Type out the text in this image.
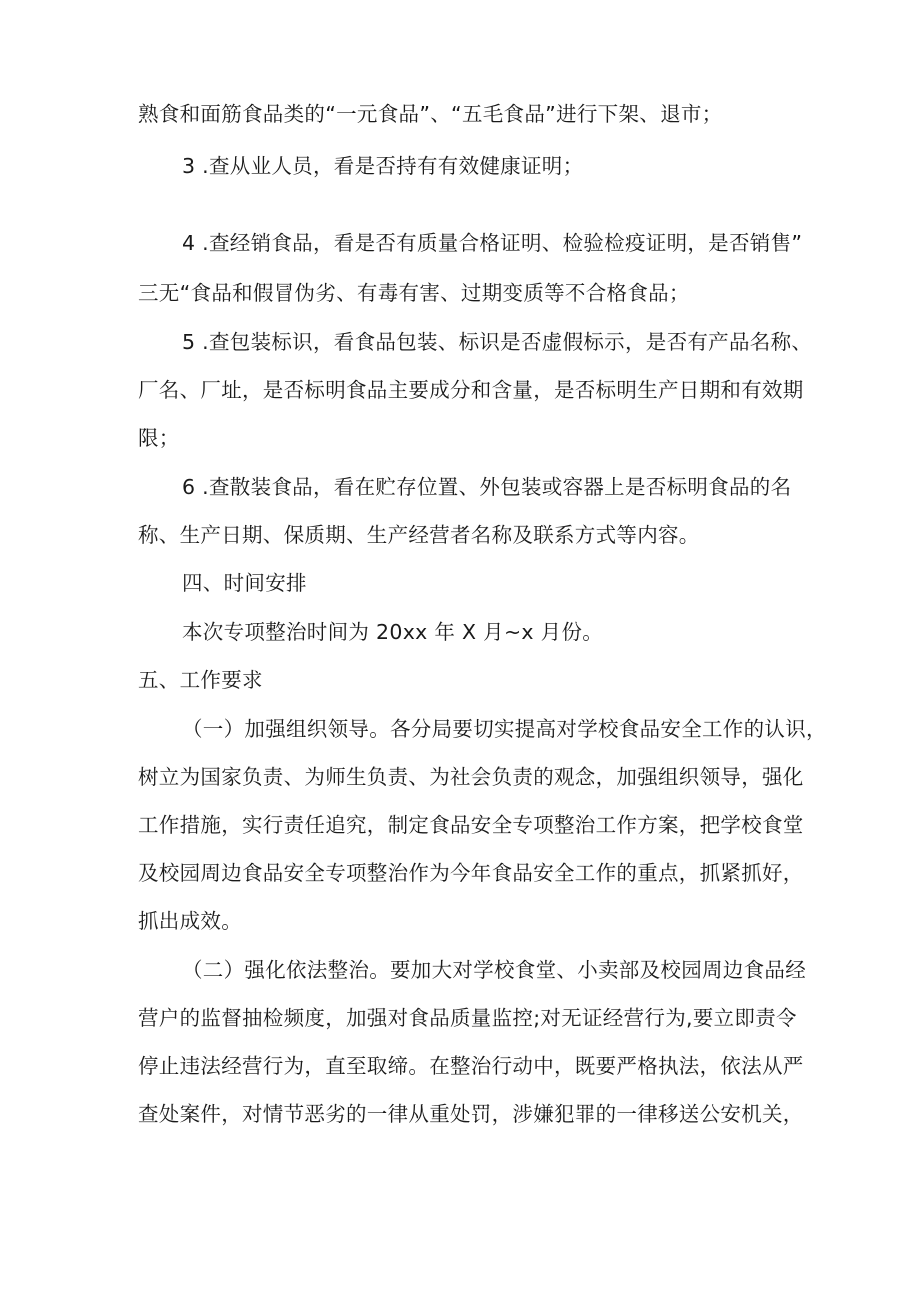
熟食和面筋食品类的“一元食品”、“五毛食品”进行下架、退市；
3 .查从业人员，看是否持有有效健康证明；
4 .查经销食品，看是否有质量合格证明、检验检疫证明，是否销售”
三无“食品和假冒伪劣、有毒有害、过期变质等不合格食品；
5 .查包装标识，看食品包装、标识是否虚假标示，是否有产品名称、
厂名、厂址，是否标明食品主要成分和含量，是否标明生产日期和有效期
限；
6 .查散装食品，看在贮存位置、外包装或容器上是否标明食品的名
称、生产日期、保质期、生产经营者名称及联系方式等内容。
四、时间安排
本次专项整治时间为 20xx 年 X 月~x 月份。
五、工作要求
（一）加强组织领导。各分局要切实提高对学校食品安全工作的认识，
树立为国家负责、为师生负责、为社会负责的观念，加强组织领导，强化
工作措施，实行责任追究，制定食品安全专项整治工作方案，把学校食堂
及校园周边食品安全专项整治作为今年食品安全工作的重点，抓紧抓好，
抓出成效。
（二）强化依法整治。要加大对学校食堂、小卖部及校园周边食品经
营户的监督抽检频度，加强对食品质量监控;对无证经营行为,要立即责令
停止违法经营行为，直至取缔。在整治行动中，既要严格执法，依法从严
查处案件，对情节恶劣的一律从重处罚，涉嫌犯罪的一律移送公安机关，
